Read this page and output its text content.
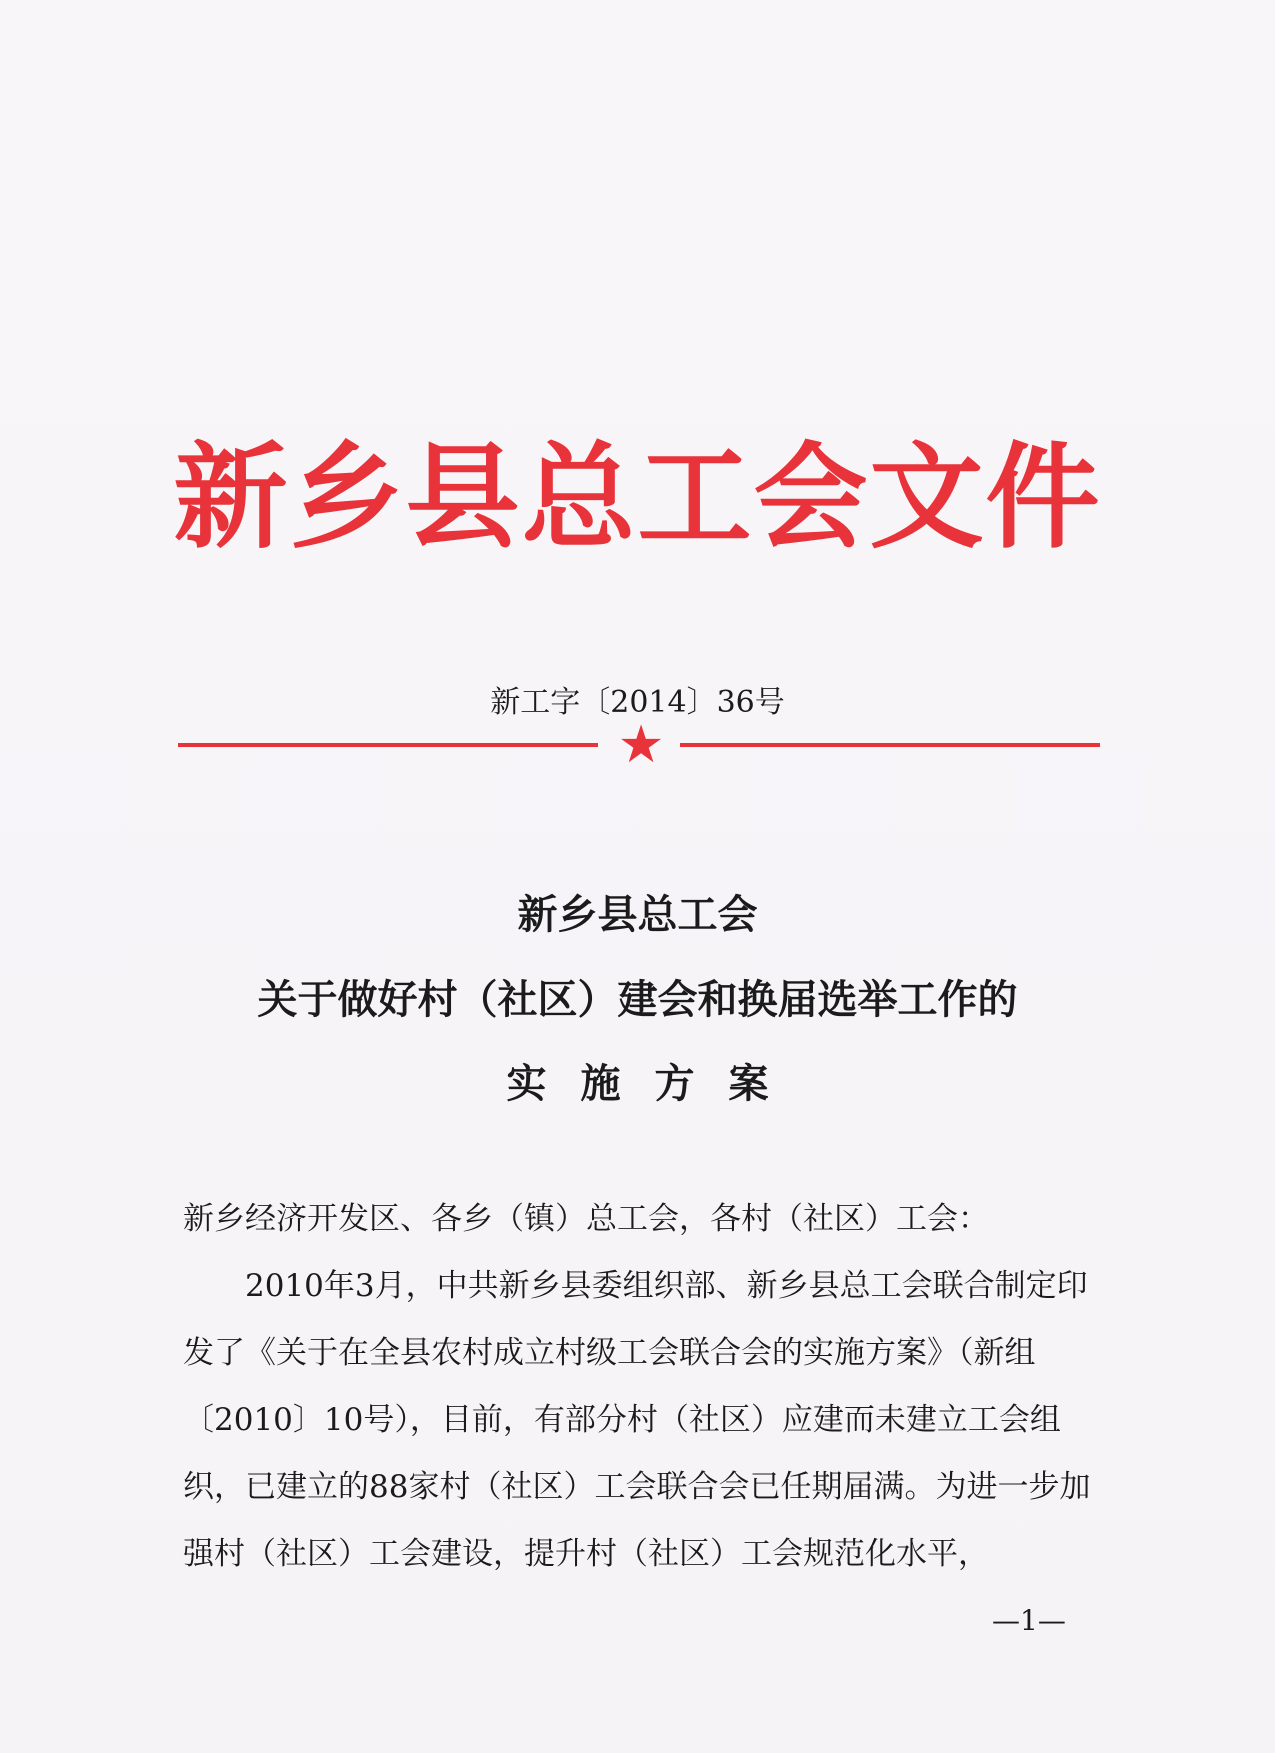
新乡县总工会文件
新工字〔2014〕36号
★
新乡县总工会
关于做好村（社区）建会和换届选举工作的
实施方案

新乡经济开发区、各乡（镇）总工会，各村（社区）工会：

2010年3月，中共新乡县委组织部、新乡县总工会联合制定印发了《关于在全县农村成立村级工会联合会的实施方案》（新组〔2010〕10号），目前，有部分村（社区）应建而未建立工会组织，已建立的88家村（社区）工会联合会已任期届满。为进一步加强村（社区）工会建设，提升村（社区）工会规范化水平，

—1—
